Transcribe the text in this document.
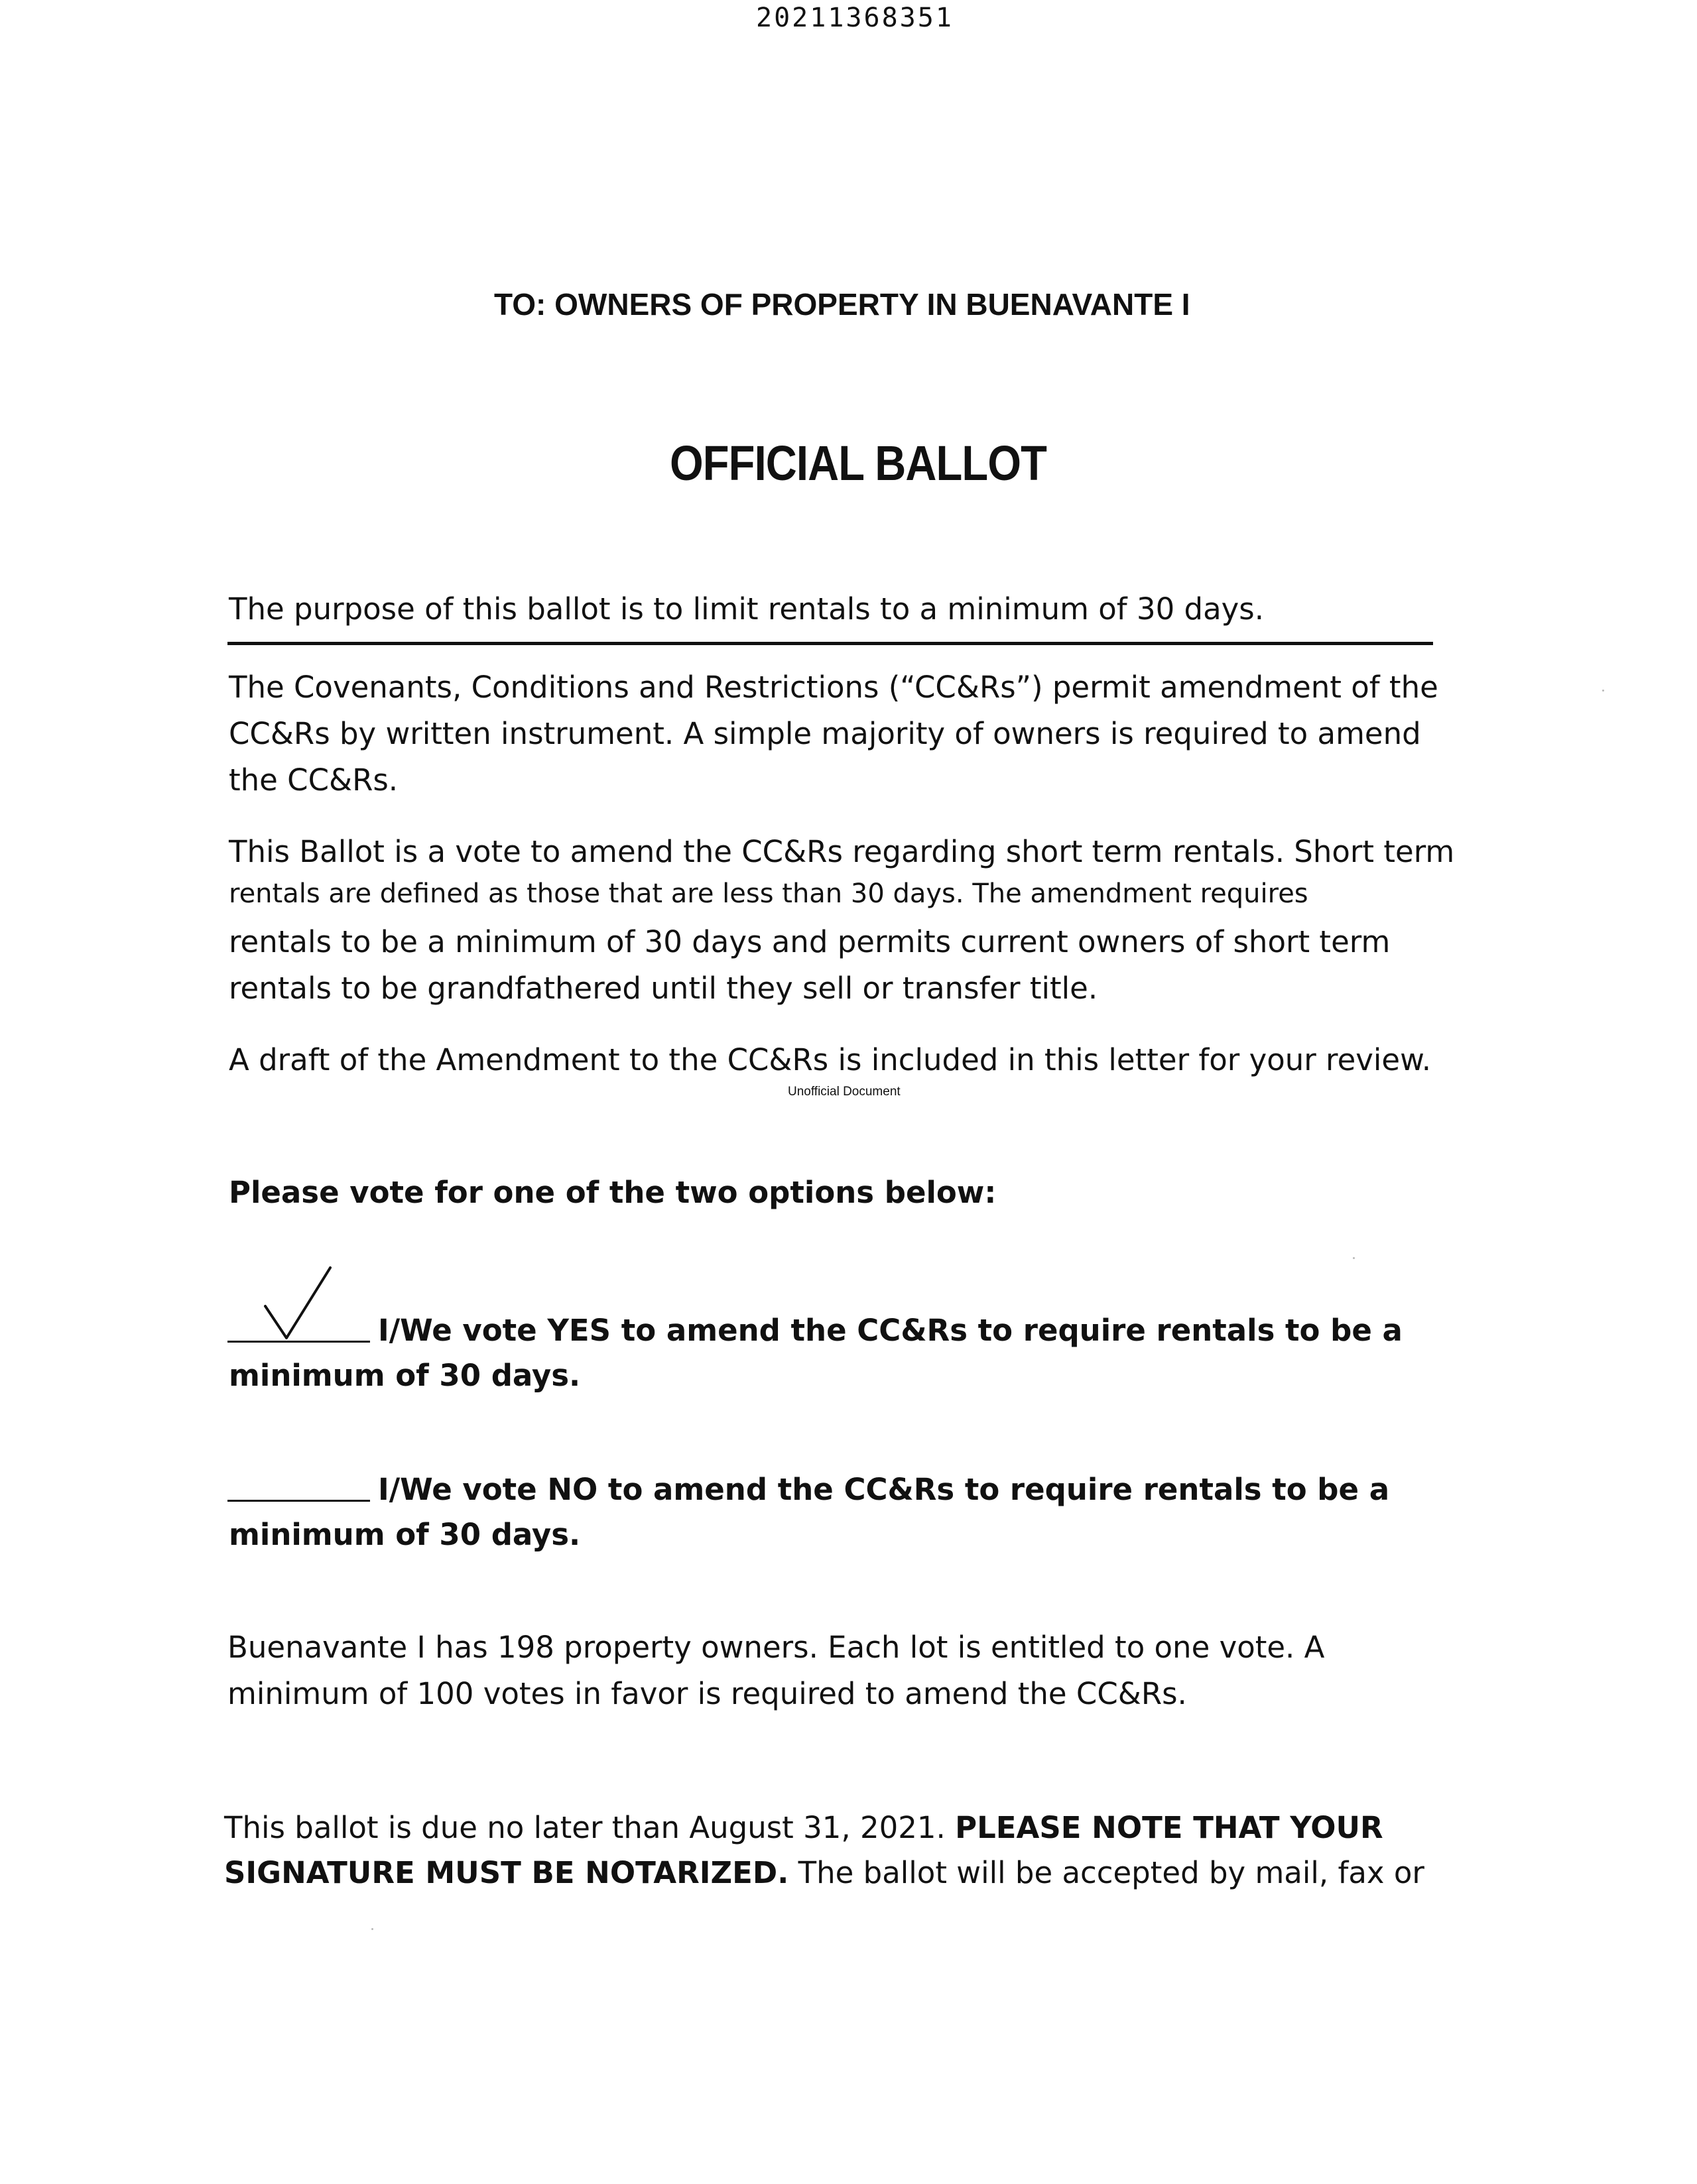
20211368351
TO: OWNERS OF PROPERTY IN BUENAVANTE I
OFFICIAL BALLOT
The purpose of this ballot is to limit rentals to a minimum of 30 days.
The Covenants, Conditions and Restrictions (“CC&Rs”) permit amendment of the
CC&Rs by written instrument. A simple majority of owners is required to amend
the CC&Rs.
This Ballot is a vote to amend the CC&Rs regarding short term rentals. Short term
rentals are defined as those that are less than 30 days. The amendment requires
rentals to be a minimum of 30 days and permits current owners of short term
rentals to be grandfathered until they sell or transfer title.
A draft of the Amendment to the CC&Rs is included in this letter for your review.
Unofficial Document
Please vote for one of the two options below:
I/We vote YES to amend the CC&Rs to require rentals to be a
minimum of 30 days.
I/We vote NO to amend the CC&Rs to require rentals to be a
minimum of 30 days.
Buenavante I has 198 property owners. Each lot is entitled to one vote. A
minimum of 100 votes in favor is required to amend the CC&Rs.
This ballot is due no later than August 31, 2021. PLEASE NOTE THAT YOUR
SIGNATURE MUST BE NOTARIZED. The ballot will be accepted by mail, fax or
